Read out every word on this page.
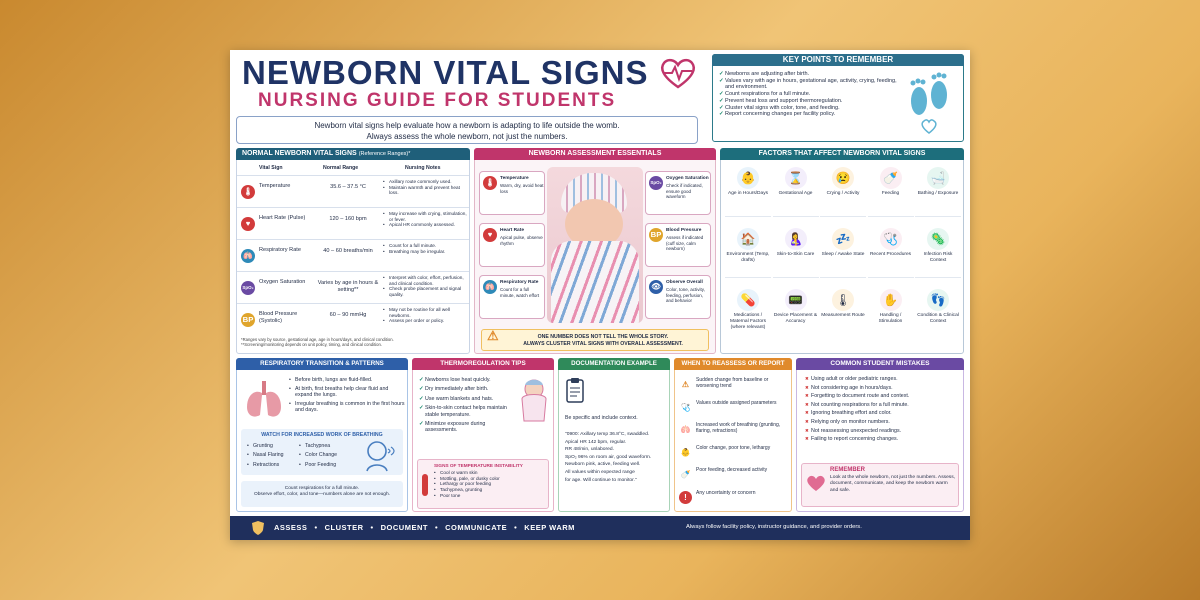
NEWBORN VITAL SIGNS
NURSING GUIDE FOR STUDENTS
Newborn vital signs help evaluate how a newborn is adapting to life outside the womb.
Always assess the whole newborn, not just the numbers.
KEY POINTS TO REMEMBER
✓ Newborns are adjusting after birth.
✓ Values vary with age in hours, gestational age, activity, crying, feeding, and environment.
✓ Count respirations for a full minute.
✓ Prevent heat loss and support thermoregulation.
✓ Cluster vital signs with color, tone, and feeding.
✓ Report concerning changes per facility policy.
NORMAL NEWBORN VITAL SIGNS (Reference Ranges)*
Vital Sign	Normal Range	Nursing Notes
🌡
Temperature	35.6 – 37.5 °C
• Axillary route commonly used.
• Maintain warmth and prevent heat loss.
♥
Heart Rate (Pulse)	120 – 160 bpm
• May increase with crying, stimulation, or fever.
• Apical HR commonly assessed.
🫁
Respiratory Rate	40 – 60 breaths/min
• Count for a full minute.
• Breathing may be irregular.
SpO₂
Oxygen Saturation	Varies by age in hours & setting**
• Interpret with color, effort, perfusion, and clinical condition.
• Check probe placement and signal quality.
BP
Blood Pressure (Systolic)
60 – 90 mmHg
• May not be routine for all well newborns.
• Assess per order or policy.
*Ranges vary by source, gestational age, age in hours/days, and clinical condition.
**Screening/monitoring depends on unit policy, timing, and clinical condition.
NEWBORN ASSESSMENT ESSENTIALS
🌡	Temperature
Warm, dry, avoid heat loss
♥	Heart Rate
Apical pulse, observe rhythm
🫁	Respiratory Rate
Count for a full minute, watch effort
SpO₂
Oxygen Saturation
Check if indicated, ensure good waveform
BP Blood Pressure
Assess if indicated (cuff size, calm newborn)
👁	Observe Overall
Color, tone, activity, feeding, perfusion, and behavior
⚠	ONE NUMBER DOES NOT TELL THE WHOLE STORY.
ALWAYS CLUSTER VITAL SIGNS WITH OVERALL ASSESSMENT.
FACTORS THAT AFFECT NEWBORN VITAL SIGNS
👶
Age in Hours/Days
⌛
Gestational Age
😢
Crying / Activity
🍼
Feeding
🛁
Bathing / Exposure
🏠
Environment (Temp, drafts)
🤱
Skin-to-Skin Care
💤
Sleep / Awake State
🩺
Recent Procedures
🦠
Infection Risk Context
💊
Medications / Maternal Factors (where relevant)
📟
Device Placement & Accuracy
🌡
Measurement Route
✋
Handling / Stimulation
👣
Condition & Clinical Context
RESPIRATORY TRANSITION & PATTERNS
• Before birth, lungs are fluid-filled.
• At birth, first breaths help clear fluid and expand the lungs.
• Irregular breathing is common in the first hours and days.
WATCH FOR INCREASED WORK OF BREATHING
• Grunting
• Nasal Flaring
• Retractions
• Tachypnea
• Color Change
• Poor Feeding
Count respirations for a full minute.
Observe effort, color, and tone—numbers alone are not enough.
THERMOREGULATION TIPS
✓ Newborns lose heat quickly.
✓ Dry immediately after birth.
✓ Use warm blankets and hats.
✓ Skin-to-skin contact helps maintain stable temperature.
✓ Minimize exposure during assessments.
SIGNS OF TEMPERATURE INSTABILITY
• Cool or warm skin
• Mottling, pale, or dusky color
• Lethargy or poor feeding
• Tachypnea, grunting
• Poor tone
DOCUMENTATION EXAMPLE
Be specific and include context.
"0900: Axillary temp 36.8°C, swaddled.
Apical HR 142 bpm, regular.
RR 48/min, unlabored.
SpO₂ 96% on room air, good waveform.
Newborn pink, active, feeding well.
All values within expected range
for age. Will continue to monitor."
WHEN TO REASSESS OR REPORT
⚠	Sudden change from baseline or worsening trend
🩺	Values outside assigned parameters
🫁	Increased work of breathing (grunting, flaring, retractions)
👶	Color change, poor tone, lethargy
🍼	Poor feeding, decreased activity
!	Any uncertainty or concern
COMMON STUDENT MISTAKES
✖ Using adult or older pediatric ranges.
✖ Not considering age in hours/days.
✖ Forgetting to document route and context.
✖ Not counting respirations for a full minute.
✖ Ignoring breathing effort and color.
✖ Relying only on monitor numbers.
✖ Not reassessing unexpected readings.
✖ Failing to report concerning changes.
REMEMBER
Look at the whole newborn, not just the numbers. Assess, document, communicate, and keep the newborn warm and safe.
ASSESS • CLUSTER • DOCUMENT • COMMUNICATE • KEEP WARM	Always follow facility policy, instructor guidance, and provider orders.
